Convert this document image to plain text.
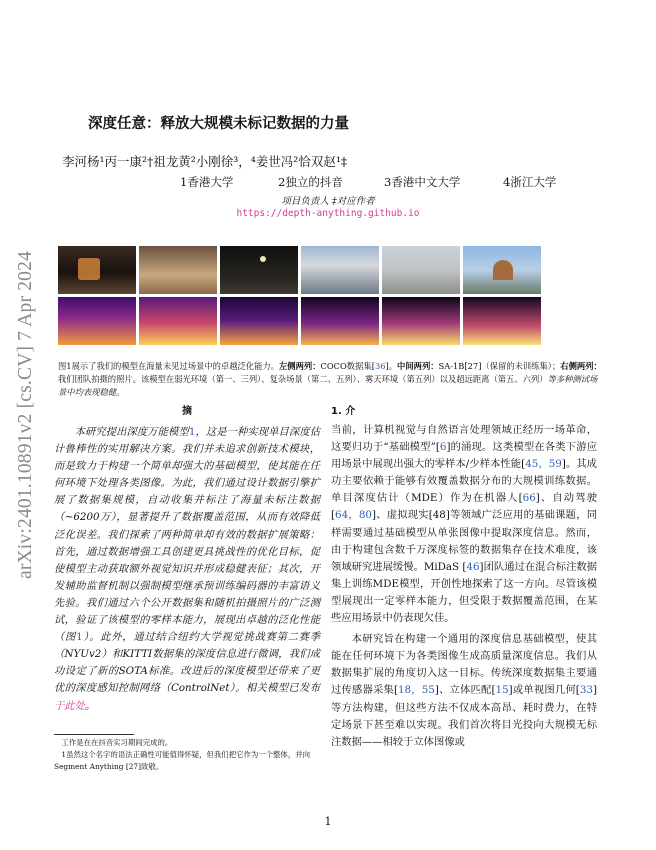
arXiv:2401.10891v2 [cs.CV] 7 Apr 2024
深度任意：释放大规模未标记数据的力量
李河杨¹丙一康²†祖龙黄²小刚徐³，⁴姜世冯²恰双赵¹‡
1香港大学	2独立的抖音	3香港中文大学	4浙江大学
项目负责人 ‡对应作者
https://depth-anything.github.io
图1展示了我们的模型在海量未见过场景中的卓越泛化能力。左侧两列：COCO数据集[36]。中间两列：SA-1B[27]（保留的未训练集）；右侧两列：我们团队拍摄的照片。该模型在弱光环境（第一、三列）、复杂场景（第二、五列）、雾天环境（第五列）以及超远距离（第五、六列）等多种测试场景中均表现稳健。
摘

本研究提出深度万能模型1，这是一种实现单目深度估计鲁棒性的实用解决方案。我们并未追求创新技术模块，而是致力于构建一个简单却强大的基础模型，使其能在任何环境下处理各类图像。为此，我们通过设计数据引擎扩展了数据集规模，自动收集并标注了海量未标注数据（~6200万），显著提升了数据覆盖范围，从而有效降低泛化误差。我们探索了两种简单却有效的数据扩展策略：首先，通过数据增强工具创建更具挑战性的优化目标，促使模型主动获取额外视觉知识并形成稳健表征；其次，开发辅助监督机制以强制模型继承预训练编码器的丰富语义先验。我们通过六个公开数据集和随机拍摄照片的广泛测试，验证了该模型的零样本能力，展现出卓越的泛化性能（图1）。此外，通过结合纽约大学视觉挑战赛第二赛季（NYUv2）和KITTI数据集的深度信息进行微调，我们成功设定了新的SOTA标准。改进后的深度模型还带来了更优的深度感知控制网络（ControlNet）。相关模型已发布于此处。

1. 介

当前，计算机视觉与自然语言处理领域正经历一场革命，这要归功于“基础模型”[6]的涌现。这类模型在各类下游应用场景中展现出强大的零样本/少样本性能[45，59]。其成功主要依赖于能够有效覆盖数据分布的大规模训练数据。单目深度估计（MDE）作为在机器人[66]、自动驾驶[64，80]、虚拟现实[48]等领域广泛应用的基础课题，同样需要通过基础模型从单张图像中提取深度信息。然而，由于构建包含数千万深度标签的数据集存在技术难度，该领域研究进展缓慢。MiDaS [46]团队通过在混合标注数据集上训练MDE模型，开创性地探索了这一方向。尽管该模型展现出一定零样本能力，但受限于数据覆盖范围，在某些应用场景中仍表现欠佳。

本研究旨在构建一个通用的深度信息基础模型，使其能在任何环境下为各类图像生成高质量深度信息。我们从数据集扩展的角度切入这一目标。传统深度数据集主要通过传感器采集[18，55]、立体匹配[15]或单视图几何[33]等方法构建，但这些方法不仅成本高昂、耗时费力，在特定场景下甚至难以实现。我们首次将目光投向大规模无标注数据——相较于立体图像或

工作是在在抖音实习期间完成的。
1虽然这个名字的语法正确性可能值得怀疑，但我们把它作为一个整体，并向Segment Anything [27]致敬。
1
